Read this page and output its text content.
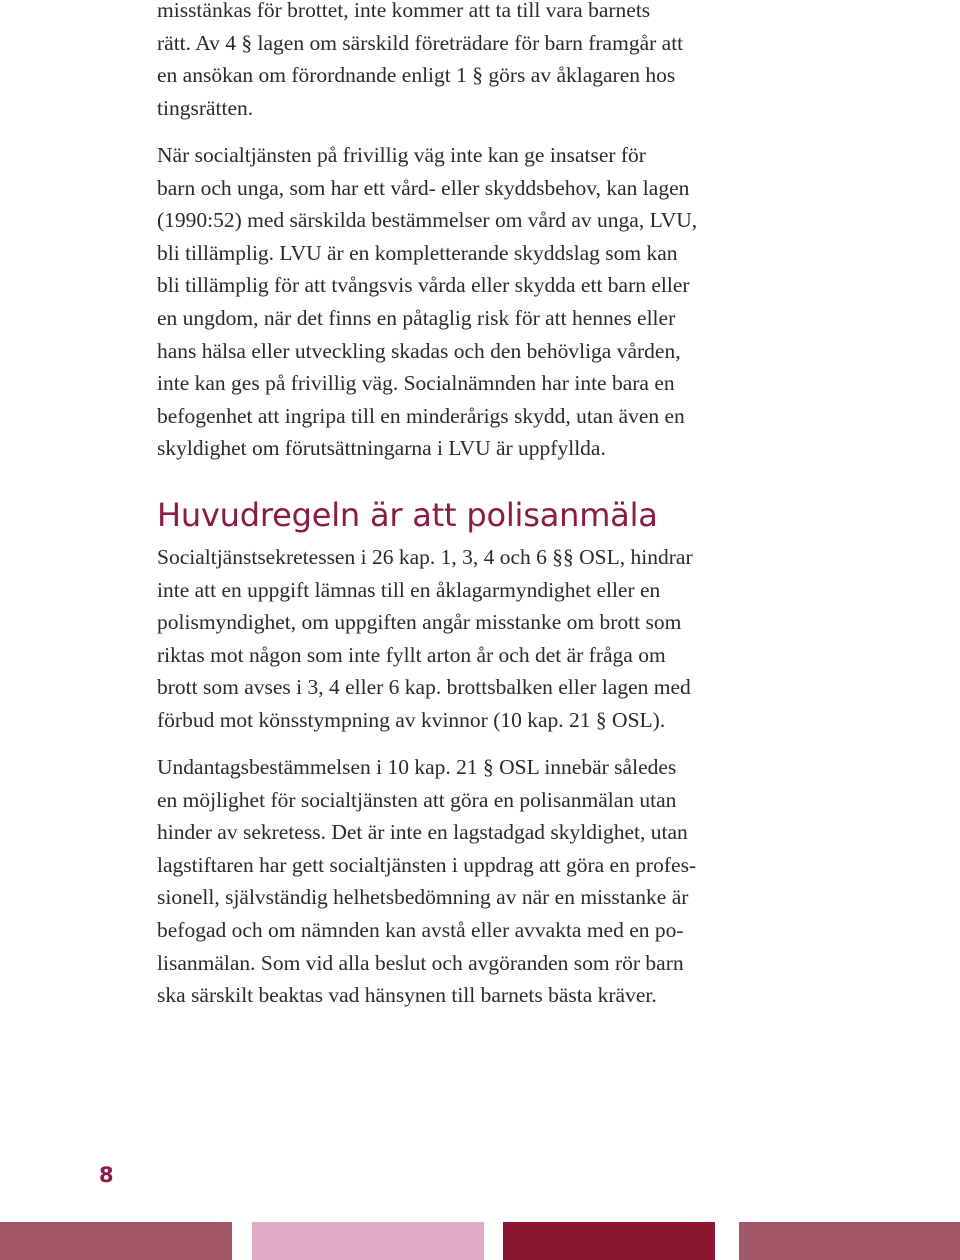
misstänkas för brottet, inte kommer att ta till vara barnets
rätt. Av 4 § lagen om särskild företrädare för barn framgår att
en ansökan om förordnande enligt 1 § görs av åklagaren hos
tingsrätten.

När socialtjänsten på frivillig väg inte kan ge insatser för
barn och unga, som har ett vård- eller skyddsbehov, kan lagen
(1990:52) med särskilda bestämmelser om vård av unga, LVU,
bli tillämplig. LVU är en kompletterande skyddslag som kan
bli tillämplig för att tvångsvis vårda eller skydda ett barn eller
en ungdom, när det finns en påtaglig risk för att hennes eller
hans hälsa eller utveckling skadas och den behövliga vården,
inte kan ges på frivillig väg. Socialnämnden har inte bara en
befogenhet att ingripa till en minderårigs skydd, utan även en
skyldighet om förutsättningarna i LVU är uppfyllda.

Huvudregeln är att polisanmäla

Socialtjänstsekretessen i 26 kap. 1, 3, 4 och 6 §§ OSL, hindrar
inte att en uppgift lämnas till en åklagarmyndighet eller en
polismyndighet, om uppgiften angår misstanke om brott som
riktas mot någon som inte fyllt arton år och det är fråga om
brott som avses i 3, 4 eller 6 kap. brottsbalken eller lagen med
förbud mot könsstympning av kvinnor (10 kap. 21 § OSL).

Undantagsbestämmelsen i 10 kap. 21 § OSL innebär således
en möjlighet för socialtjänsten att göra en polisanmälan utan
hinder av sekretess. Det är inte en lagstadgad skyldighet, utan
lagstiftaren har gett socialtjänsten i uppdrag att göra en profes-
sionell, självständig helhetsbedömning av när en misstanke är
befogad och om nämnden kan avstå eller avvakta med en po-
lisanmälan. Som vid alla beslut och avgöranden som rör barn
ska särskilt beaktas vad hänsynen till barnets bästa kräver.

8
